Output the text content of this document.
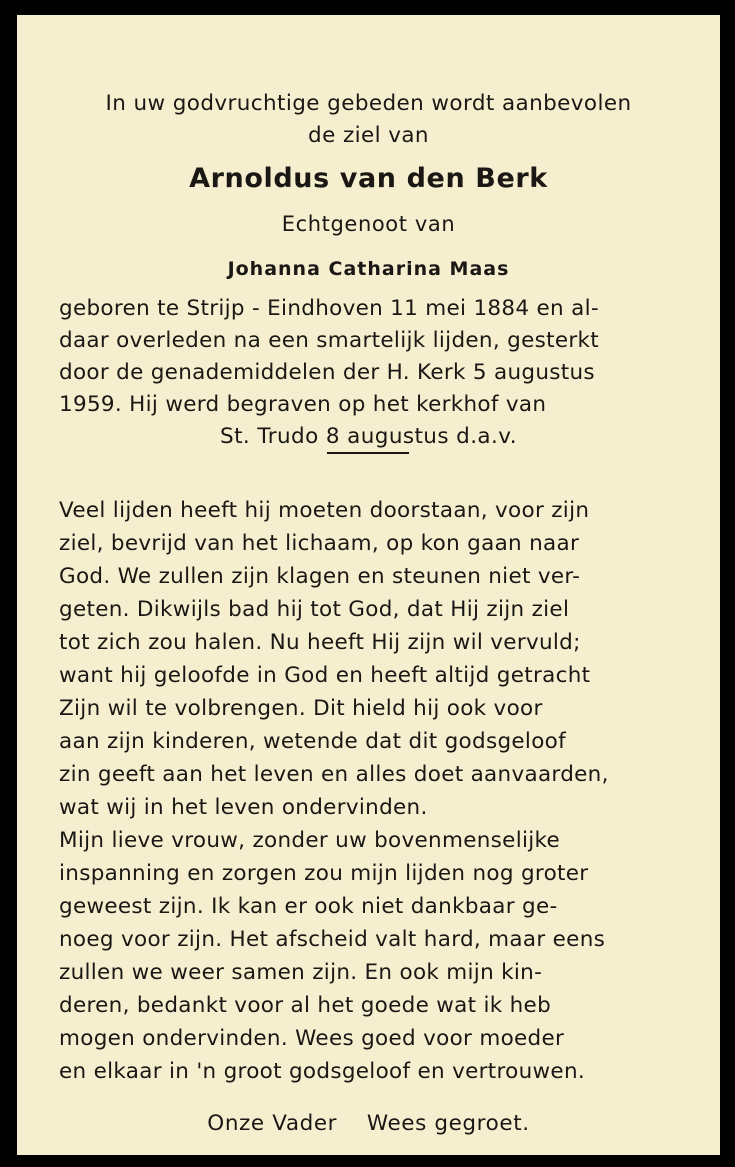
In uw godvruchtige gebeden wordt aanbevolen
de ziel van
Arnoldus van den Berk
Echtgenoot van
Johanna Catharina Maas
geboren te Strijp - Eindhoven 11 mei 1884 en al-
daar overleden na een smartelijk lijden, gesterkt
door de genademiddelen der H. Kerk 5 augustus
1959. Hij werd begraven op het kerkhof van
St. Trudo 8 augustus d.a.v.
Veel lijden heeft hij moeten doorstaan, voor zijn
ziel, bevrijd van het lichaam, op kon gaan naar
God. We zullen zijn klagen en steunen niet ver-
geten. Dikwijls bad hij tot God, dat Hij zijn ziel
tot zich zou halen. Nu heeft Hij zijn wil vervuld;
want hij geloofde in God en heeft altijd getracht
Zijn wil te volbrengen. Dit hield hij ook voor
aan zijn kinderen, wetende dat dit godsgeloof
zin geeft aan het leven en alles doet aanvaarden,
wat wij in het leven ondervinden.
Mijn lieve vrouw, zonder uw bovenmenselijke
inspanning en zorgen zou mijn lijden nog groter
geweest zijn. Ik kan er ook niet dankbaar ge-
noeg voor zijn. Het afscheid valt hard, maar eens
zullen we weer samen zijn. En ook mijn kin-
deren, bedankt voor al het goede wat ik heb
mogen ondervinden. Wees goed voor moeder
en elkaar in 'n groot godsgeloof en vertrouwen.
Onze Vader    Wees gegroet.
